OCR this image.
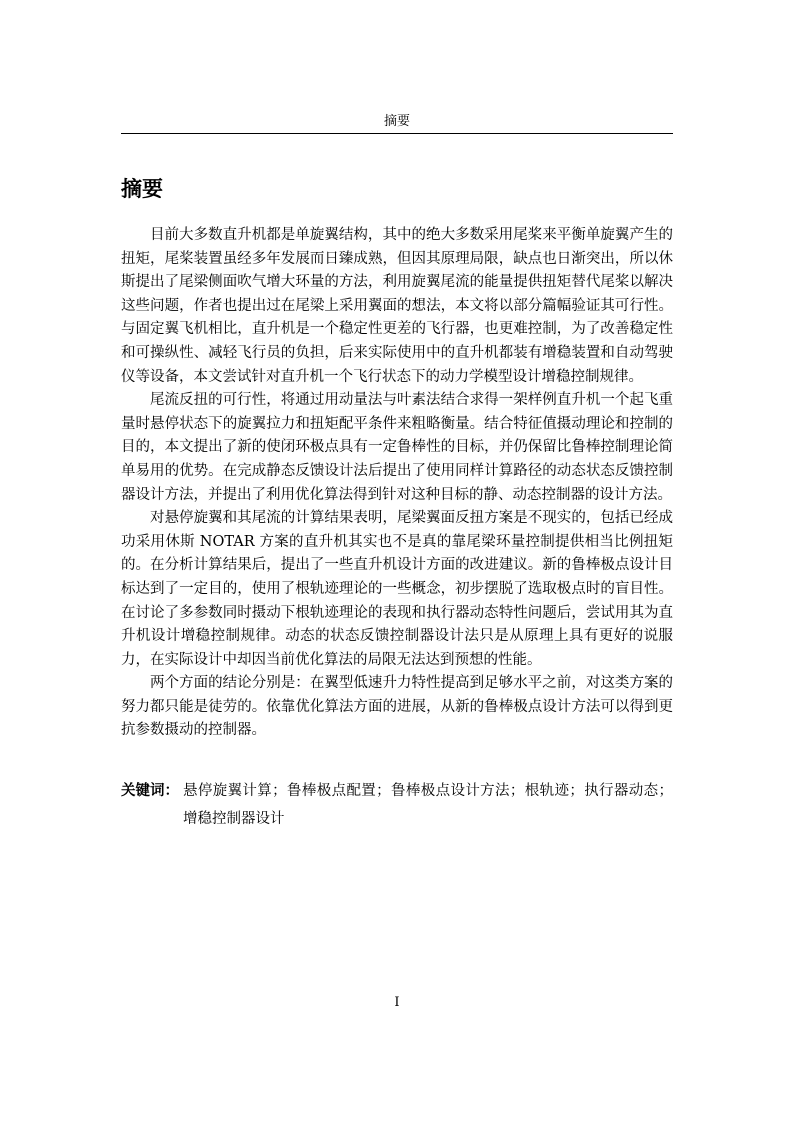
摘要
摘要

目前大多数直升机都是单旋翼结构，其中的绝大多数采用尾桨来平衡单旋翼产生的扭矩，尾桨装置虽经多年发展而日臻成熟，但因其原理局限，缺点也日渐突出，所以休斯提出了尾梁侧面吹气增大环量的方法，利用旋翼尾流的能量提供扭矩替代尾桨以解决这些问题，作者也提出过在尾梁上采用翼面的想法，本文将以部分篇幅验证其可行性。与固定翼飞机相比，直升机是一个稳定性更差的飞行器，也更难控制，为了改善稳定性和可操纵性、减轻飞行员的负担，后来实际使用中的直升机都装有增稳装置和自动驾驶仪等设备，本文尝试针对直升机一个飞行状态下的动力学模型设计增稳控制规律。

尾流反扭的可行性，将通过用动量法与叶素法结合求得一架样例直升机一个起飞重量时悬停状态下的旋翼拉力和扭矩配平条件来粗略衡量。结合特征值摄动理论和控制的目的，本文提出了新的使闭环极点具有一定鲁棒性的目标，并仍保留比鲁棒控制理论简单易用的优势。在完成静态反馈设计法后提出了使用同样计算路径的动态状态反馈控制器设计方法，并提出了利用优化算法得到针对这种目标的静、动态控制器的设计方法。

对悬停旋翼和其尾流的计算结果表明，尾梁翼面反扭方案是不现实的，包括已经成功采用休斯 NOTAR 方案的直升机其实也不是真的靠尾梁环量控制提供相当比例扭矩的。在分析计算结果后，提出了一些直升机设计方面的改进建议。新的鲁棒极点设计目标达到了一定目的，使用了根轨迹理论的一些概念，初步摆脱了选取极点时的盲目性。在讨论了多参数同时摄动下根轨迹理论的表现和执行器动态特性问题后，尝试用其为直升机设计增稳控制规律。动态的状态反馈控制器设计法只是从原理上具有更好的说服力，在实际设计中却因当前优化算法的局限无法达到预想的性能。

两个方面的结论分别是：在翼型低速升力特性提高到足够水平之前，对这类方案的努力都只能是徒劳的。依靠优化算法方面的进展，从新的鲁棒极点设计方法可以得到更抗参数摄动的控制器。

关键词： 悬停旋翼计算；鲁棒极点配置；鲁棒极点设计方法；根轨迹；执行器动态；增稳控制器设计
I
